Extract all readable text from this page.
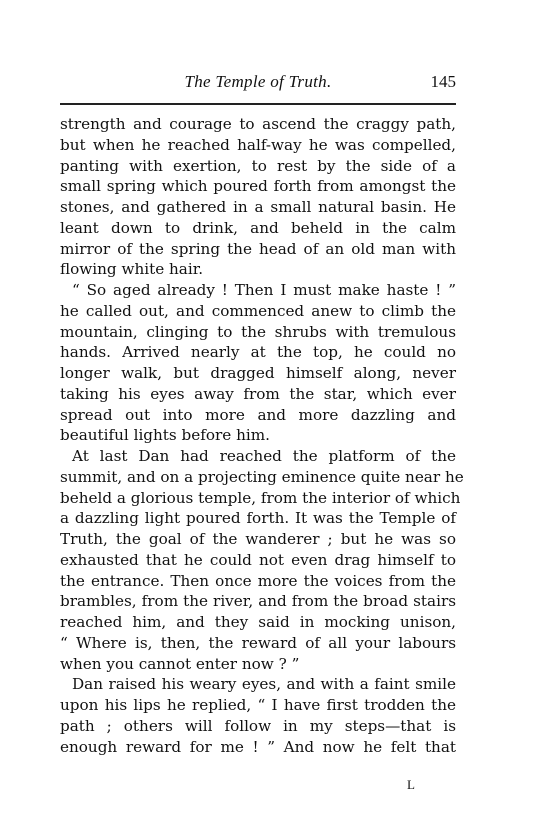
The Temple of Truth.	145
strength and courage to ascend the craggy path,
but when he reached half-way he was compelled,
panting with exertion, to rest by the side of a
small spring which poured forth from amongst the
stones, and gathered in a small natural basin. He
leant down to drink, and beheld in the calm
mirror of the spring the head of an old man with
flowing white hair.
“ So aged already ! Then I must make haste ! ”
he called out, and commenced anew to climb the
mountain, clinging to the shrubs with tremulous
hands. Arrived nearly at the top, he could no
longer walk, but dragged himself along, never
taking his eyes away from the star, which ever
spread out into more and more dazzling and
beautiful lights before him.
At last Dan had reached the platform of the
summit, and on a projecting eminence quite near he
beheld a glorious temple, from the interior of which
a dazzling light poured forth. It was the Temple of
Truth, the goal of the wanderer ; but he was so
exhausted that he could not even drag himself to
the entrance. Then once more the voices from the
brambles, from the river, and from the broad stairs
reached him, and they said in mocking unison,
“ Where is, then, the reward of all your labours
when you cannot enter now ? ”
Dan raised his weary eyes, and with a faint smile
upon his lips he replied, “ I have first trodden the
path ; others will follow in my steps—that is
enough reward for me ! ” And now he felt that
L
